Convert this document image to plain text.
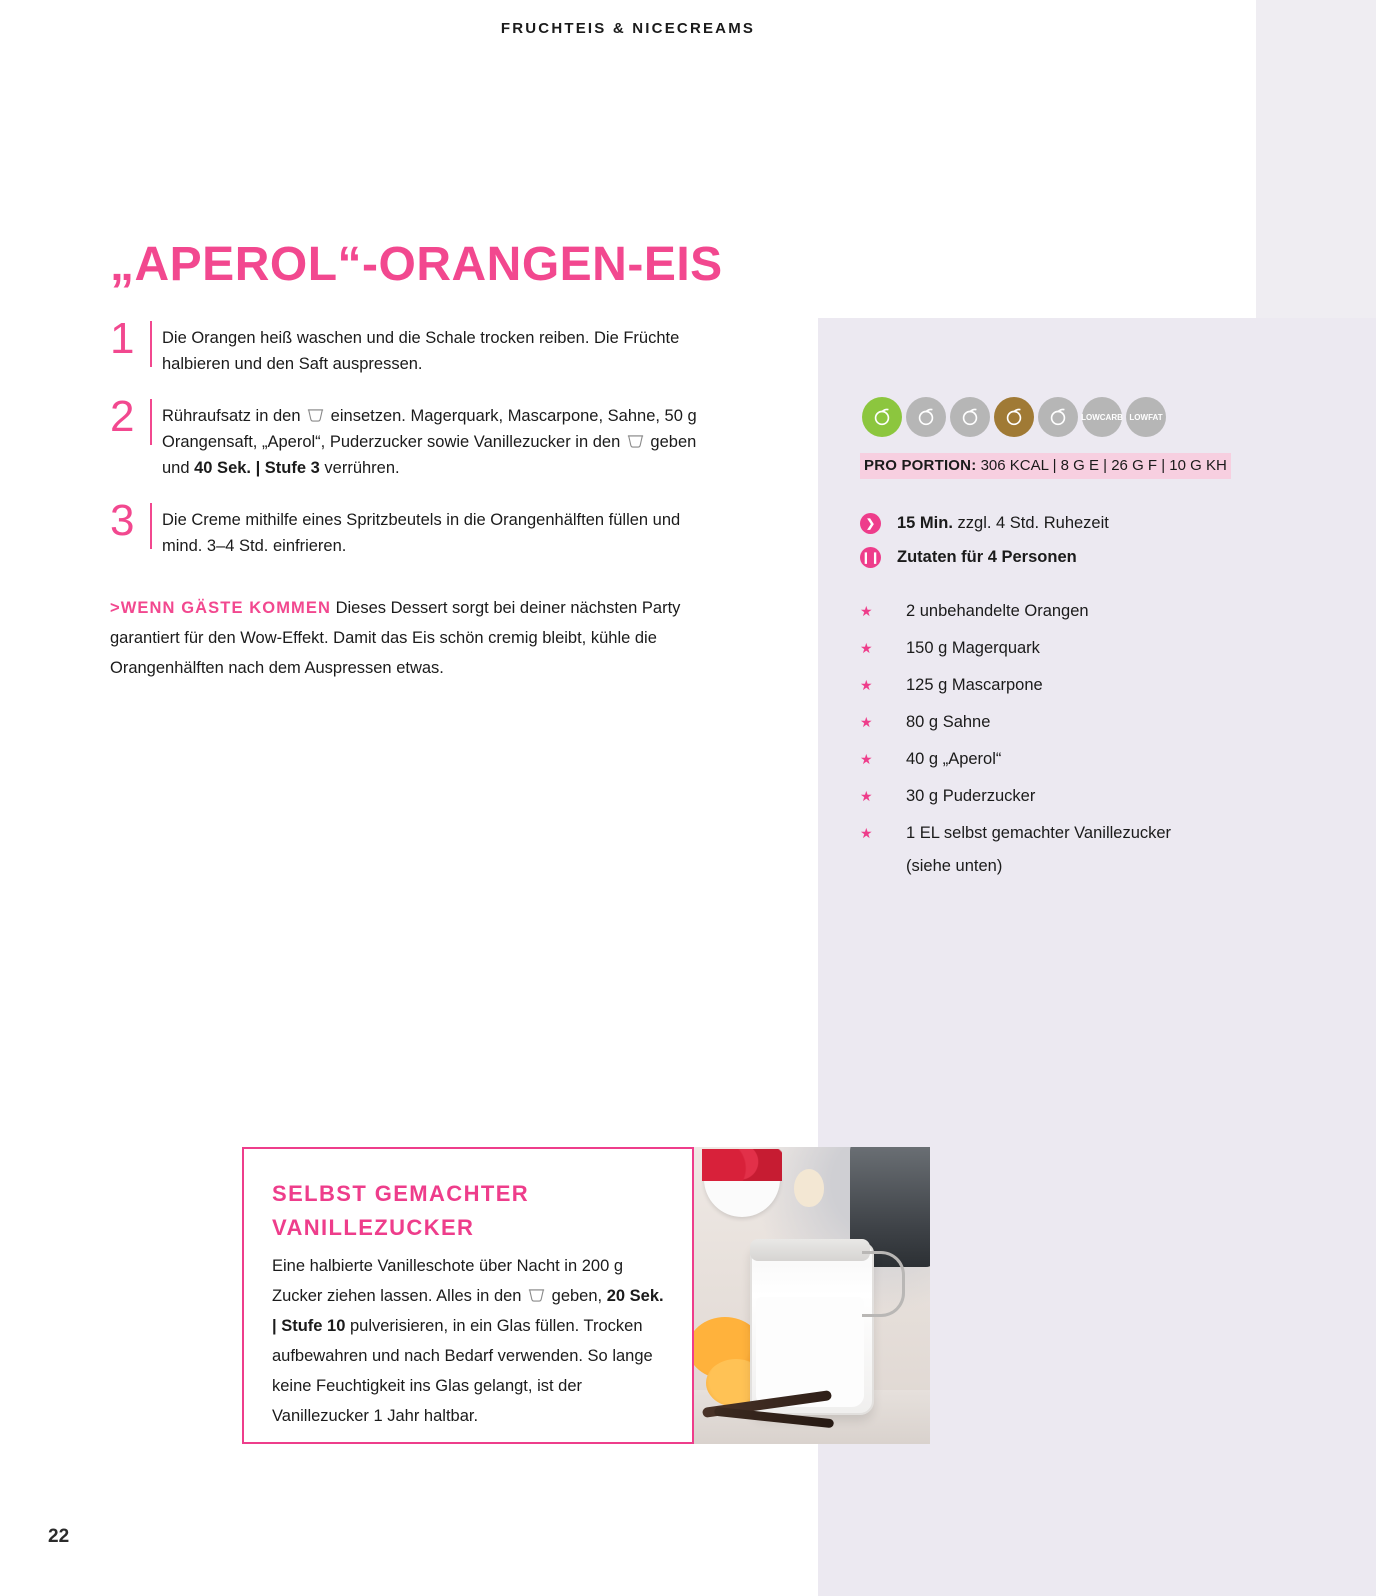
FRUCHTEIS & NICECREAMS
„APEROL“-ORANGEN-EIS
1	Die Orangen heiß waschen und die Schale trocken reiben. Die Früchte halbieren und den Saft auspressen.
2	Rühraufsatz in den
einsetzen. Magerquark, Mascarpone, Sahne, 50 g Orangensaft, „Aperol“, Puderzucker sowie Vanillezucker in den
geben und 40 Sek. | Stufe 3 verrühren.
3	Die Creme mithilfe eines Spritzbeutels in die Orangenhälften füllen und mind. 3–4 Std. einfrieren.
>WENN GÄSTE KOMMEN Dieses Dessert sorgt bei deiner nächsten Party garantiert für den Wow-Effekt. Damit das Eis schön cremig bleibt, kühle die Orangenhälften nach dem Auspressen etwas.
LOW CARB LOW FAT
PRO PORTION: 306 KCAL | 8 G E | 26 G F | 10 G KH
❯	15 Min. zzgl. 4 Std. Ruhezeit
❙❙ Zutaten für 4 Personen
★	2 unbehandelte Orangen
★	150 g Magerquark
★	125 g Mascarpone
★	80 g Sahne
★	40 g „Aperol“
★	30 g Puderzucker
★	1 EL selbst gemachter Vanillezucker
(siehe unten)
SELBST GEMACHTER VANILLEZUCKER
Eine halbierte Vanilleschote über Nacht in 200 g Zucker ziehen lassen. Alles in den
geben, 20 Sek. | Stufe 10 pulverisieren, in ein Glas füllen. Trocken aufbewahren und nach Bedarf verwenden. So lange keine Feuchtigkeit ins Glas gelangt, ist der Vanillezucker 1 Jahr haltbar.
22
